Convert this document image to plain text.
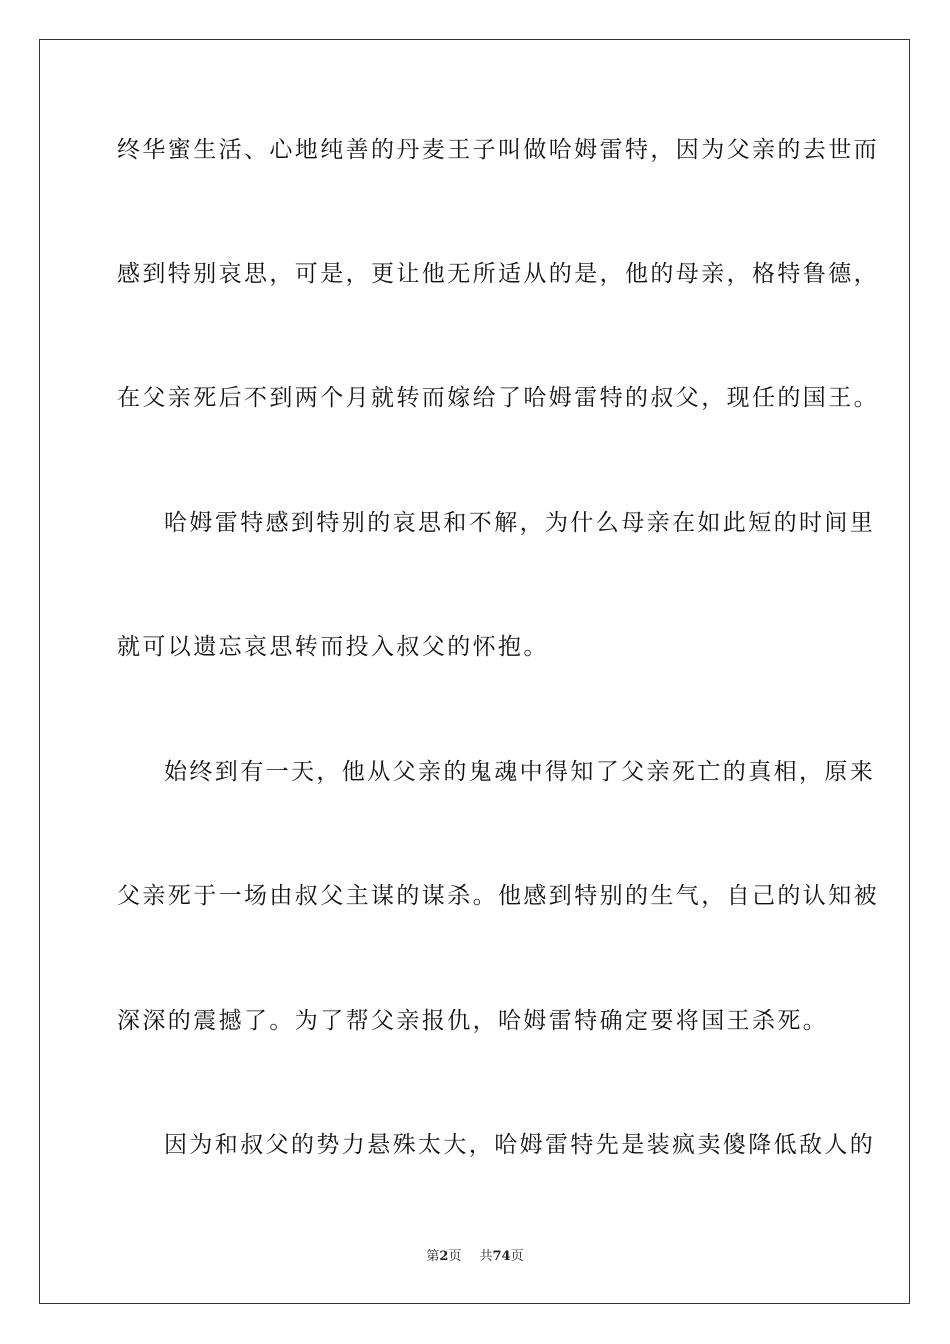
终华蜜生活、心地纯善的丹麦王子叫做哈姆雷特，因为父亲的去世而
感到特别哀思，可是，更让他无所适从的是，他的母亲，格特鲁德，
在父亲死后不到两个月就转而嫁给了哈姆雷特的叔父，现任的国王。
哈姆雷特感到特别的哀思和不解，为什么母亲在如此短的时间里
就可以遗忘哀思转而投入叔父的怀抱。
始终到有一天，他从父亲的鬼魂中得知了父亲死亡的真相，原来
父亲死于一场由叔父主谋的谋杀。他感到特别的生气，自己的认知被
深深的震撼了。为了帮父亲报仇，哈姆雷特确定要将国王杀死。
因为和叔父的势力悬殊太大，哈姆雷特先是装疯卖傻降低敌人的
第2页 共74页
